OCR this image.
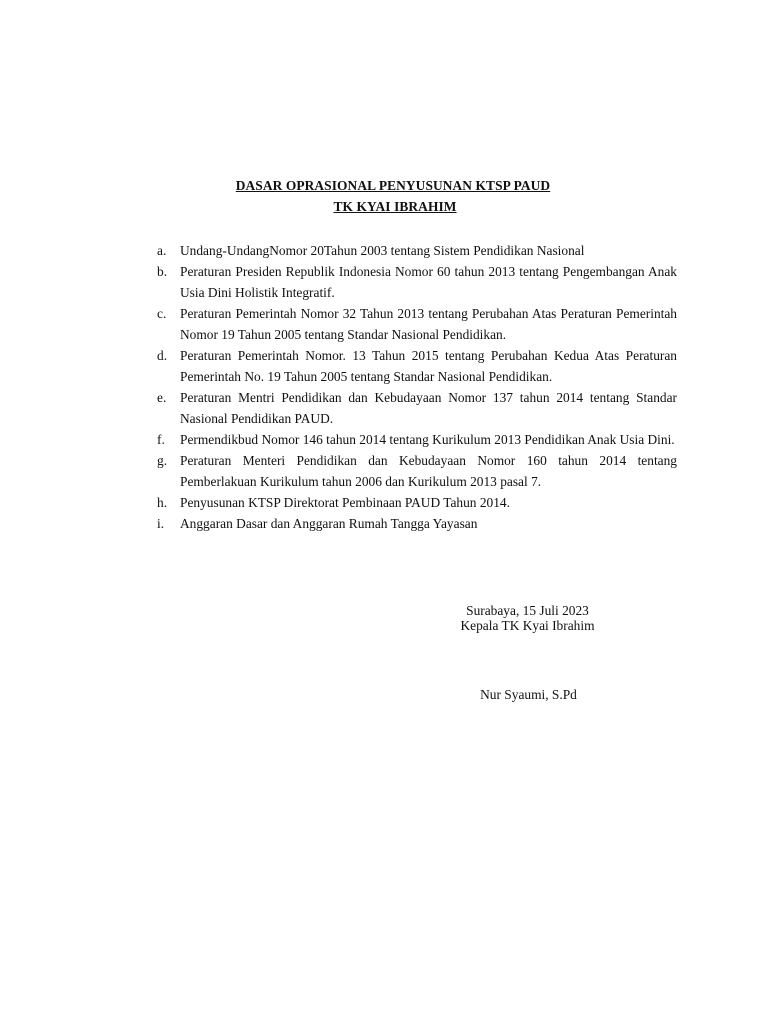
DASAR OPRASIONAL PENYUSUNAN KTSP PAUD
TK KYAI IBRAHIM
a.	Undang-UndangNomor 20Tahun 2003 tentang Sistem Pendidikan Nasional
b. Peraturan Presiden Republik Indonesia Nomor 60 tahun 2013 tentang Pengembangan Anak Usia Dini Holistik Integratif.
c.	Peraturan Pemerintah Nomor 32 Tahun 2013 tentang Perubahan Atas Peraturan Pemerintah Nomor 19 Tahun 2005 tentang Standar Nasional Pendidikan.
d. Peraturan Pemerintah Nomor. 13 Tahun 2015 tentang Perubahan Kedua Atas Peraturan Pemerintah No. 19 Tahun 2005 tentang Standar Nasional Pendidikan.
e.	Peraturan Mentri Pendidikan dan Kebudayaan Nomor 137 tahun 2014 tentang Standar Nasional Pendidikan PAUD.
f.	Permendikbud Nomor 146 tahun 2014 tentang Kurikulum 2013 Pendidikan Anak Usia Dini.
g. Peraturan Menteri Pendidikan dan Kebudayaan Nomor 160 tahun 2014 tentang Pemberlakuan Kurikulum tahun 2006 dan Kurikulum 2013 pasal 7.
h. Penyusunan KTSP Direktorat Pembinaan PAUD Tahun 2014.
i.	Anggaran Dasar dan Anggaran Rumah Tangga Yayasan
Surabaya, 15 Juli 2023
Kepala TK Kyai Ibrahim
Nur Syaumi, S.Pd
